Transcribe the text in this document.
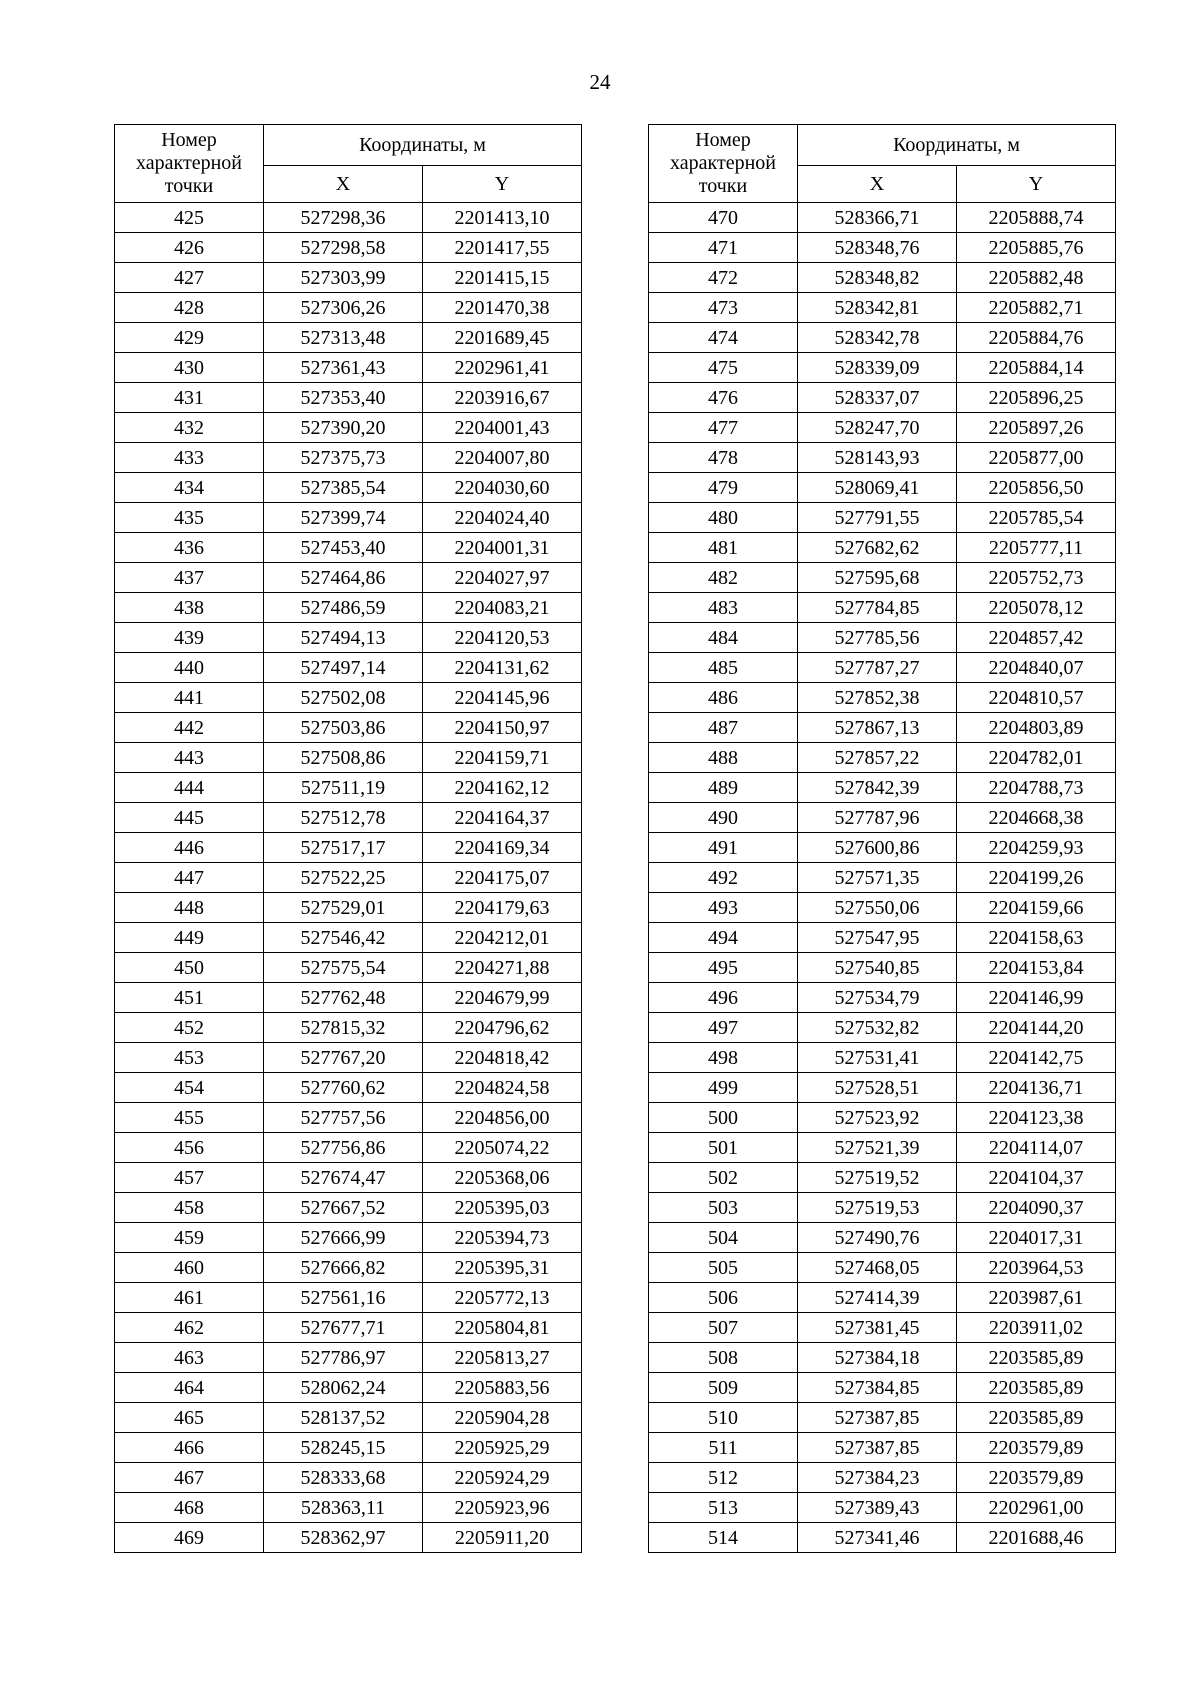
24
Номер характерной точки	Координаты, м	
	X	Y
425	527298,36	2201413,10
426	527298,58	2201417,55
427	527303,99	2201415,15
428	527306,26	2201470,38
429	527313,48	2201689,45
430	527361,43	2202961,41
431	527353,40	2203916,67
432	527390,20	2204001,43
433	527375,73	2204007,80
434	527385,54	2204030,60
435	527399,74	2204024,40
436	527453,40	2204001,31
437	527464,86	2204027,97
438	527486,59	2204083,21
439	527494,13	2204120,53
440	527497,14	2204131,62
441	527502,08	2204145,96
442	527503,86	2204150,97
443	527508,86	2204159,71
444	527511,19	2204162,12
445	527512,78	2204164,37
446	527517,17	2204169,34
447	527522,25	2204175,07
448	527529,01	2204179,63
449	527546,42	2204212,01
450	527575,54	2204271,88
451	527762,48	2204679,99
452	527815,32	2204796,62
453	527767,20	2204818,42
454	527760,62	2204824,58
455	527757,56	2204856,00
456	527756,86	2205074,22
457	527674,47	2205368,06
458	527667,52	2205395,03
459	527666,99	2205394,73
460	527666,82	2205395,31
461	527561,16	2205772,13
462	527677,71	2205804,81
463	527786,97	2205813,27
464	528062,24	2205883,56
465	528137,52	2205904,28
466	528245,15	2205925,29
467	528333,68	2205924,29
468	528363,11	2205923,96
469	528362,97	2205911,20
Номер характерной точки	Координаты, м	
	X	Y
470	528366,71	2205888,74
471	528348,76	2205885,76
472	528348,82	2205882,48
473	528342,81	2205882,71
474	528342,78	2205884,76
475	528339,09	2205884,14
476	528337,07	2205896,25
477	528247,70	2205897,26
478	528143,93	2205877,00
479	528069,41	2205856,50
480	527791,55	2205785,54
481	527682,62	2205777,11
482	527595,68	2205752,73
483	527784,85	2205078,12
484	527785,56	2204857,42
485	527787,27	2204840,07
486	527852,38	2204810,57
487	527867,13	2204803,89
488	527857,22	2204782,01
489	527842,39	2204788,73
490	527787,96	2204668,38
491	527600,86	2204259,93
492	527571,35	2204199,26
493	527550,06	2204159,66
494	527547,95	2204158,63
495	527540,85	2204153,84
496	527534,79	2204146,99
497	527532,82	2204144,20
498	527531,41	2204142,75
499	527528,51	2204136,71
500	527523,92	2204123,38
501	527521,39	2204114,07
502	527519,52	2204104,37
503	527519,53	2204090,37
504	527490,76	2204017,31
505	527468,05	2203964,53
506	527414,39	2203987,61
507	527381,45	2203911,02
508	527384,18	2203585,89
509	527384,85	2203585,89
510	527387,85	2203585,89
511	527387,85	2203579,89
512	527384,23	2203579,89
513	527389,43	2202961,00
514	527341,46	2201688,46
